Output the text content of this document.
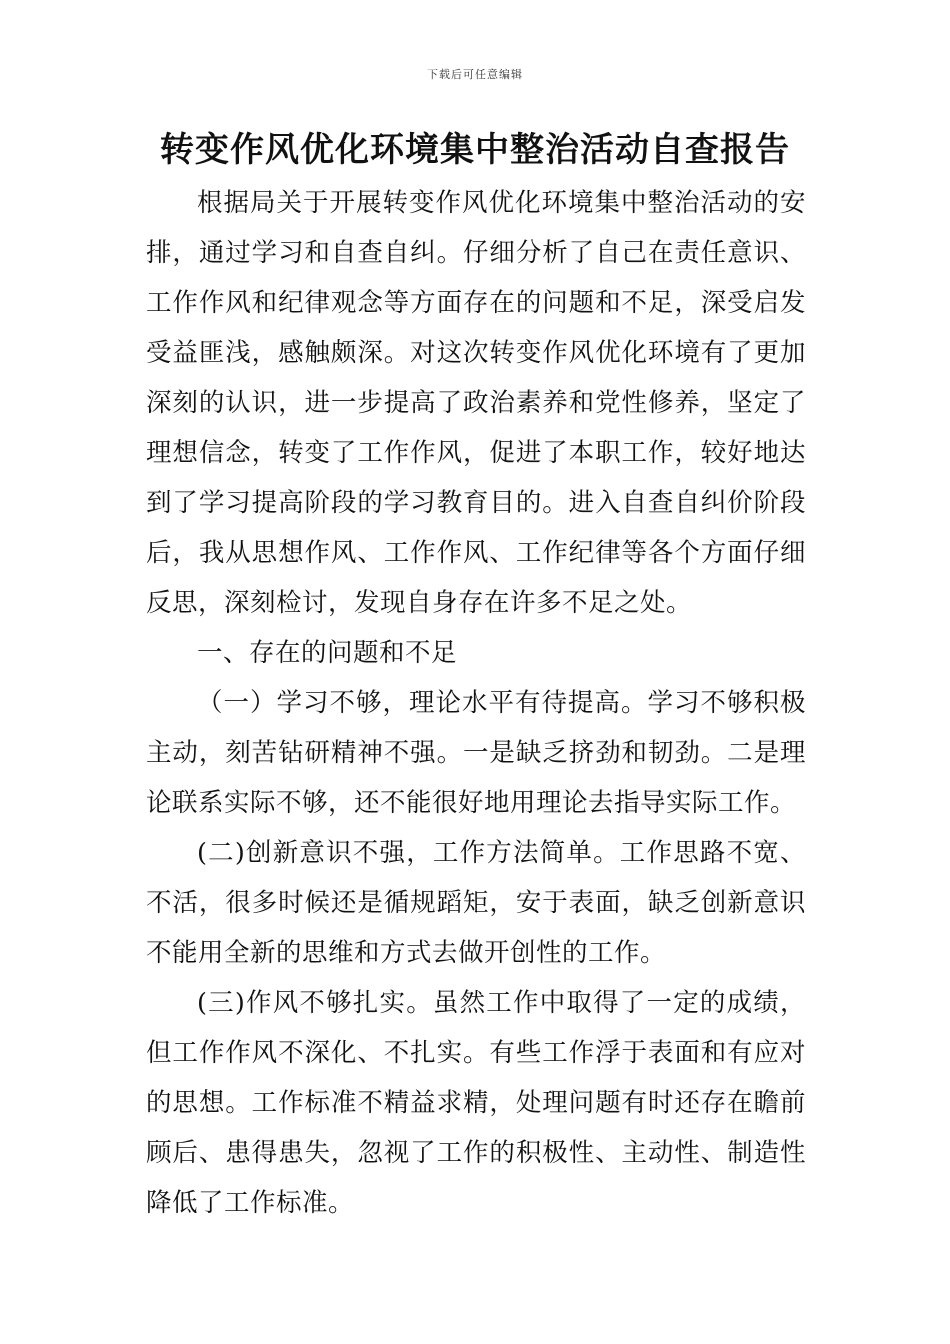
下载后可任意编辑
转变作风优化环境集中整治活动自查报告

根据局关于开展转变作风优化环境集中整治活动的安排，通过学习和自查自纠。仔细分析了自己在责任意识、工作作风和纪律观念等方面存在的问题和不足，深受启发受益匪浅，感触颇深。对这次转变作风优化环境有了更加深刻的认识，进一步提高了政治素养和党性修养，坚定了理想信念，转变了工作作风，促进了本职工作，较好地达到了学习提高阶段的学习教育目的。进入自查自纠价阶段后，我从思想作风、工作作风、工作纪律等各个方面仔细反思，深刻检讨，发现自身存在许多不足之处。

一、存在的问题和不足

（一）学习不够，理论水平有待提高。学习不够积极主动，刻苦钻研精神不强。一是缺乏挤劲和韧劲。二是理论联系实际不够，还不能很好地用理论去指导实际工作。

(二)创新意识不强，工作方法简单。工作思路不宽、不活，很多时候还是循规蹈矩，安于表面，缺乏创新意识不能用全新的思维和方式去做开创性的工作。

(三)作风不够扎实。虽然工作中取得了一定的成绩，但工作作风不深化、不扎实。有些工作浮于表面和有应对的思想。工作标准不精益求精，处理问题有时还存在瞻前顾后、患得患失，忽视了工作的积极性、主动性、制造性降低了工作标准。
